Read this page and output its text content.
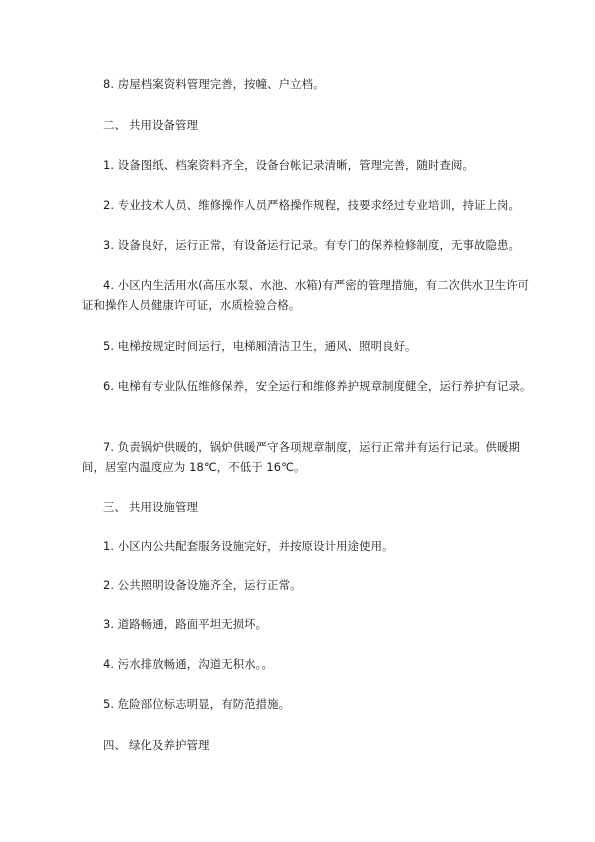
8. 房屋档案资料管理完善，按幢、户立档。

二、 共用设备管理

1. 设备图纸、档案资料齐全，设备台帐记录清晰，管理完善，随时查阅。

2. 专业技术人员、维修操作人员严格操作规程，技要求经过专业培训，持证上岗。

3. 设备良好，运行正常，有设备运行记录。有专门的保养检修制度，无事故隐患。

4. 小区内生活用水(高压水泵、水池、水箱)有严密的管理措施，有二次供水卫生许可证和操作人员健康许可证，水质检验合格。

5. 电梯按规定时间运行，电梯厢清洁卫生，通风、照明良好。

6. 电梯有专业队伍维修保养，安全运行和维修养护规章制度健全，运行养护有记录。

7. 负责锅炉供暖的，锅炉供暖严守各项规章制度，运行正常并有运行记录。供暖期间，居室内温度应为 18℃，不低于 16℃。

三、 共用设施管理

1. 小区内公共配套服务设施完好，并按原设计用途使用。

2. 公共照明设备设施齐全，运行正常。

3. 道路畅通，路面平坦无损坏。

4. 污水排放畅通，沟道无积水。。

5. 危险部位标志明显，有防范措施。

四、 绿化及养护管理
